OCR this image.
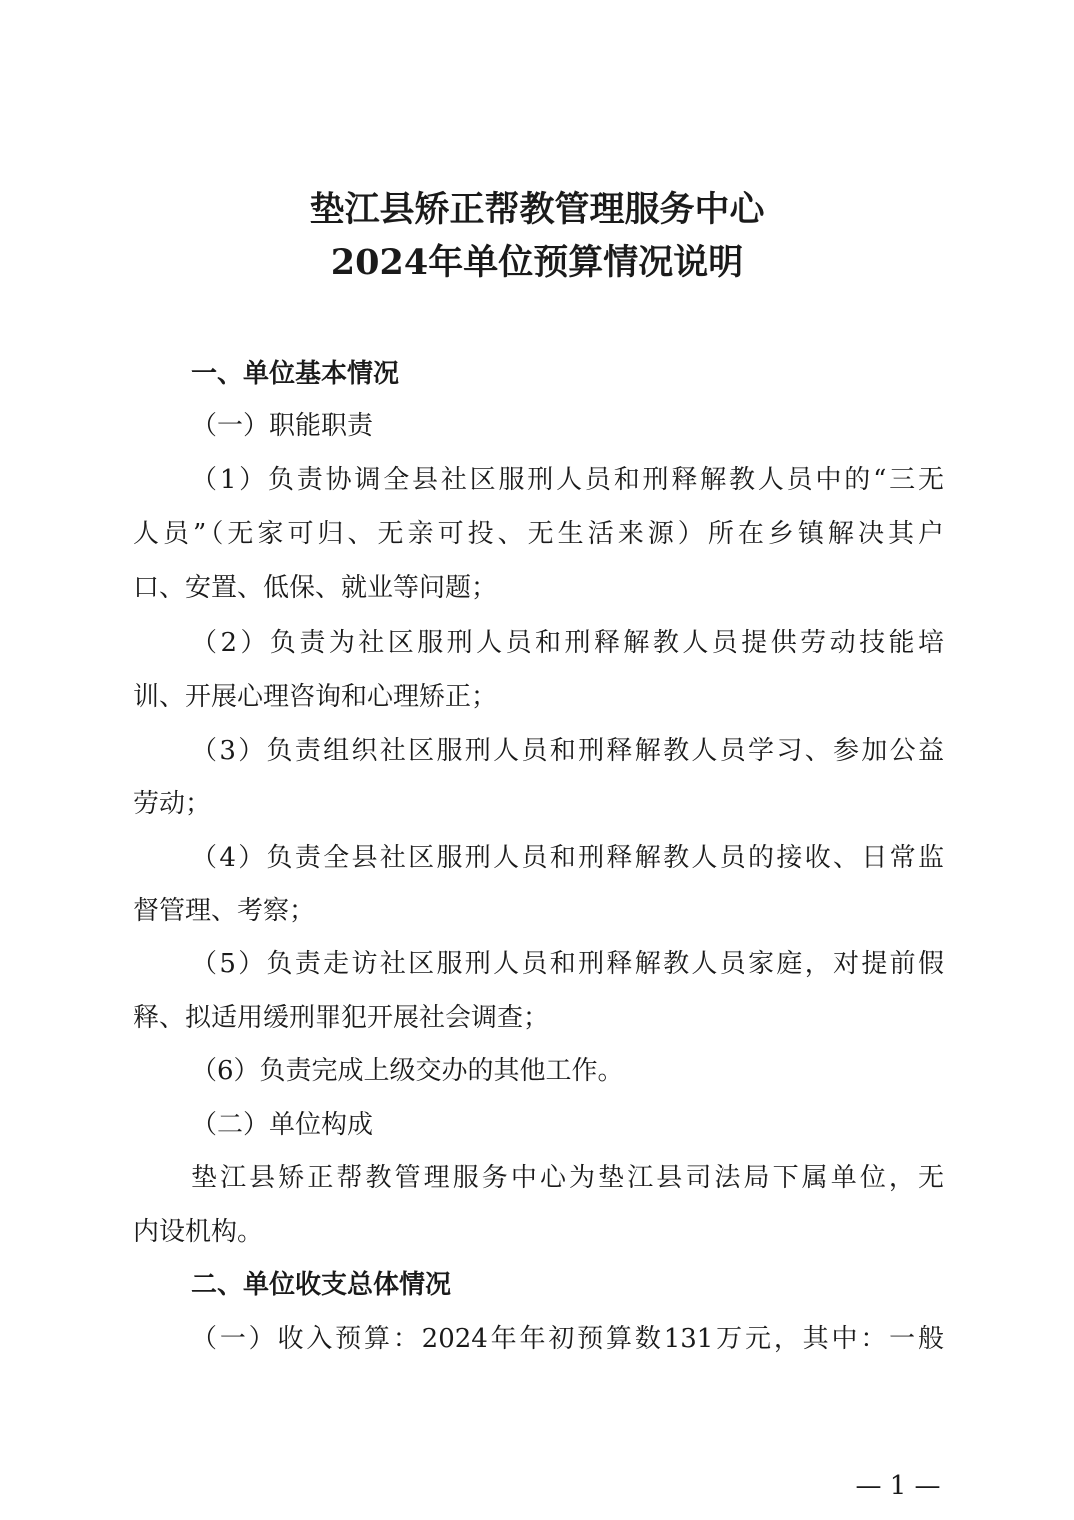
垫江县矫正帮教管理服务中心
2024年单位预算情况说明
一、单位基本情况
（一）职能职责
（1）负责协调全县社区服刑人员和刑释解教人员中的“三无
人员”（无家可归、无亲可投、无生活来源）所在乡镇解决其户
口、安置、低保、就业等问题；
（2）负责为社区服刑人员和刑释解教人员提供劳动技能培
训、开展心理咨询和心理矫正；
（3）负责组织社区服刑人员和刑释解教人员学习、参加公益
劳动；
（4）负责全县社区服刑人员和刑释解教人员的接收、日常监
督管理、考察；
（5）负责走访社区服刑人员和刑释解教人员家庭，对提前假
释、拟适用缓刑罪犯开展社会调查；
（6）负责完成上级交办的其他工作。
（二）单位构成
垫江县矫正帮教管理服务中心为垫江县司法局下属单位，无
内设机构。
二、单位收支总体情况
（一）收入预算：2024年年初预算数131万元，其中：一般
— 1 —
